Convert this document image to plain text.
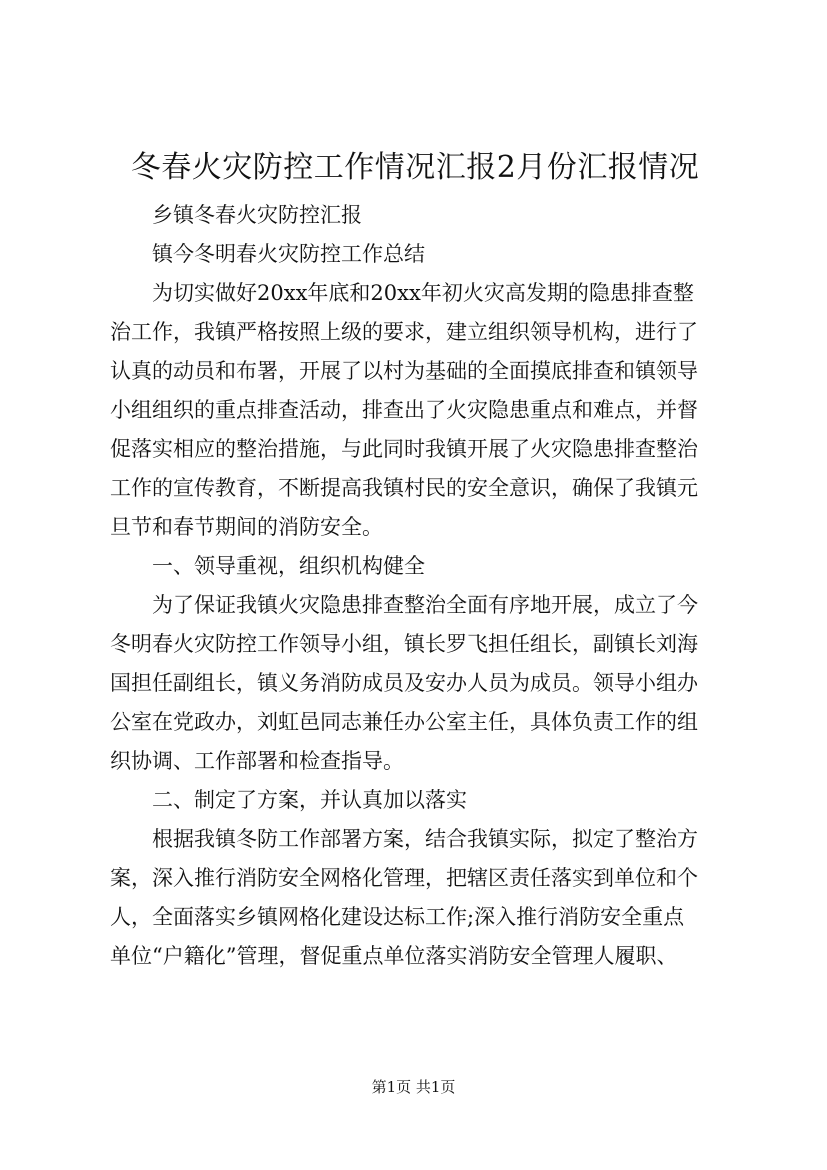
冬春火灾防控工作情况汇报2月份汇报情况
乡镇冬春火灾防控汇报
镇今冬明春火灾防控工作总结
为切实做好20xx年底和20xx年初火灾高发期的隐患排查整
治工作，我镇严格按照上级的要求，建立组织领导机构，进行了
认真的动员和布署，开展了以村为基础的全面摸底排查和镇领导
小组组织的重点排查活动，排查出了火灾隐患重点和难点，并督
促落实相应的整治措施，与此同时我镇开展了火灾隐患排查整治
工作的宣传教育，不断提高我镇村民的安全意识，确保了我镇元
旦节和春节期间的消防安全。
一、领导重视，组织机构健全
为了保证我镇火灾隐患排查整治全面有序地开展，成立了今
冬明春火灾防控工作领导小组，镇长罗飞担任组长，副镇长刘海
国担任副组长，镇义务消防成员及安办人员为成员。领导小组办
公室在党政办，刘虹邑同志兼任办公室主任，具体负责工作的组
织协调、工作部署和检查指导。
二、制定了方案，并认真加以落实
根据我镇冬防工作部署方案，结合我镇实际，拟定了整治方
案，深入推行消防安全网格化管理，把辖区责任落实到单位和个
人，全面落实乡镇网格化建设达标工作;深入推行消防安全重点
单位“户籍化”管理，督促重点单位落实消防安全管理人履职、
第1页 共1页
